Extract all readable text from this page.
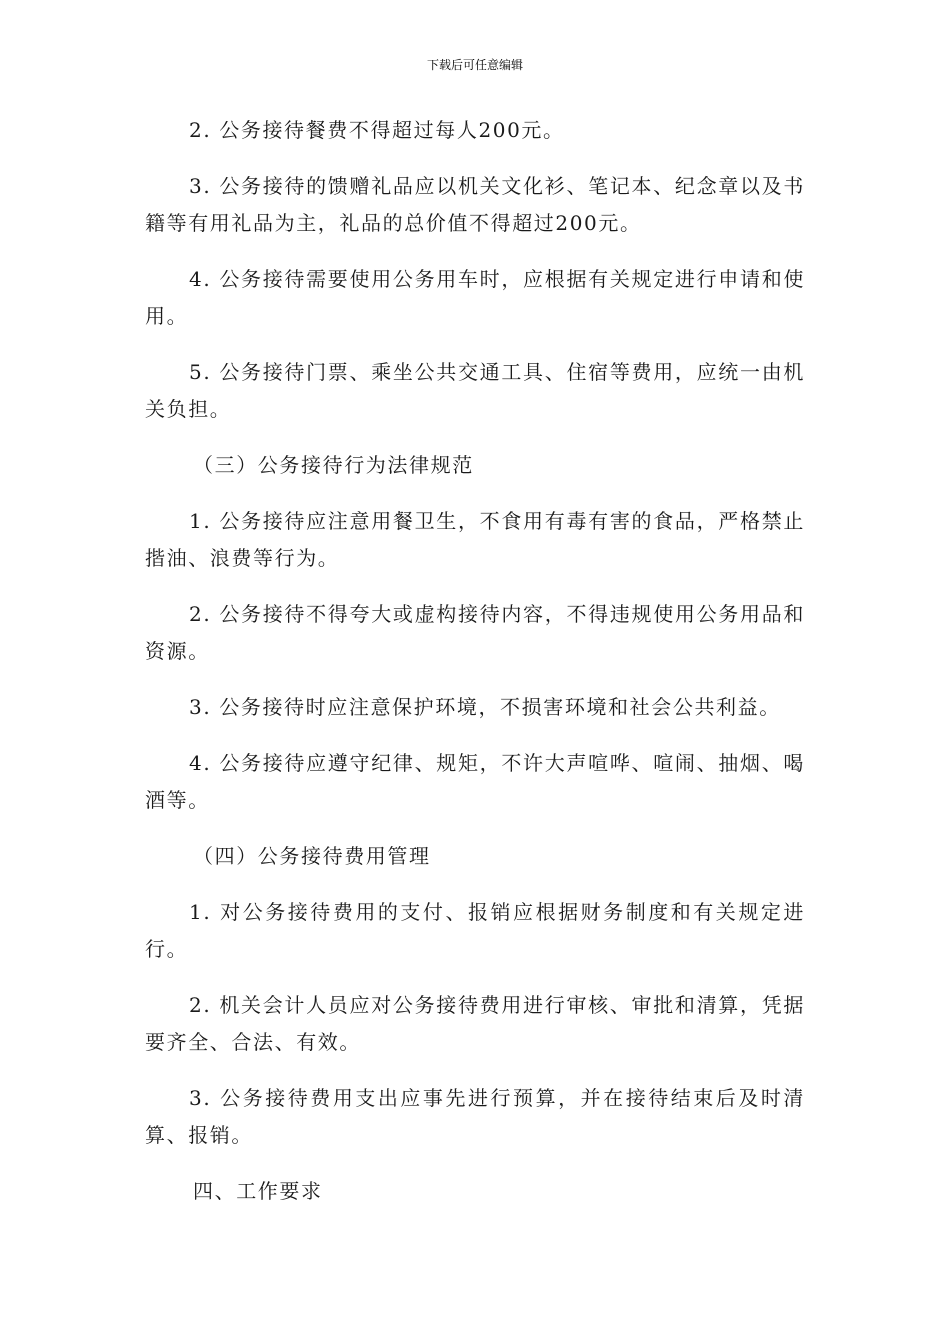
下载后可任意编辑

2. 公务接待餐费不得超过每人200元。

3. 公务接待的馈赠礼品应以机关文化衫、笔记本、纪念章以及书籍等有用礼品为主，礼品的总价值不得超过200元。

4. 公务接待需要使用公务用车时，应根据有关规定进行申请和使用。

5. 公务接待门票、乘坐公共交通工具、住宿等费用，应统一由机关负担。

（三）公务接待行为法律规范

1. 公务接待应注意用餐卫生，不食用有毒有害的食品，严格禁止揩油、浪费等行为。

2. 公务接待不得夸大或虚构接待内容，不得违规使用公务用品和资源。

3. 公务接待时应注意保护环境，不损害环境和社会公共利益。

4. 公务接待应遵守纪律、规矩，不许大声喧哗、喧闹、抽烟、喝酒等。

（四）公务接待费用管理

1. 对公务接待费用的支付、报销应根据财务制度和有关规定进行。

2. 机关会计人员应对公务接待费用进行审核、审批和清算，凭据要齐全、合法、有效。

3. 公务接待费用支出应事先进行预算，并在接待结束后及时清算、报销。

四、工作要求
